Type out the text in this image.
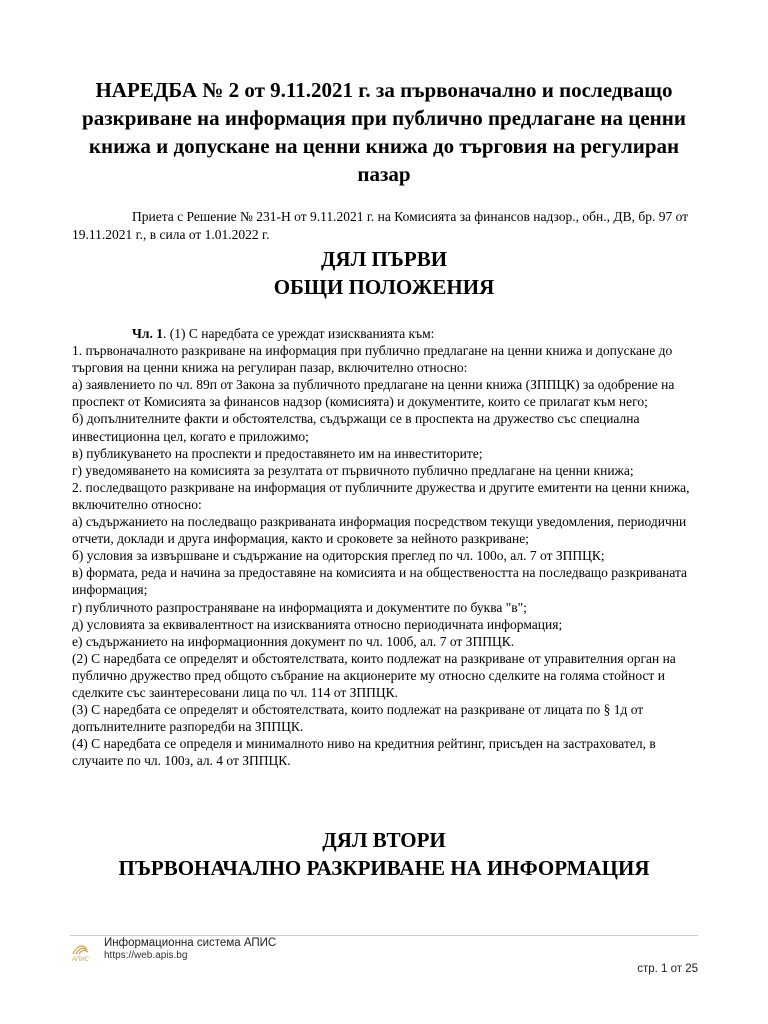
НАРЕДБА № 2 от 9.11.2021 г. за първоначално и последващо разкриване на информация при публично предлагане на ценни книжа и допускане на ценни книжа до търговия на регулиран пазар
Приета с Решение № 231-Н от 9.11.2021 г. на Комисията за финансов надзор., обн., ДВ, бр. 97 от 19.11.2021 г., в сила от 1.01.2022 г.
ДЯЛ ПЪРВИ
ОБЩИ ПОЛОЖЕНИЯ

Чл. 1. (1) С наредбата се уреждат изискванията към:

1. първоначалното разкриване на информация при публично предлагане на ценни книжа и допускане до търговия на ценни книжа на регулиран пазар, включително относно:

а) заявлението по чл. 89п от Закона за публичното предлагане на ценни книжа (ЗППЦК) за одобрение на проспект от Комисията за финансов надзор (комисията) и документите, които се прилагат към него;

б) допълнителните факти и обстоятелства, съдържащи се в проспекта на дружество със специална инвестиционна цел, когато е приложимо;

в) публикуването на проспекти и предоставянето им на инвеститорите;

г) уведомяването на комисията за резултата от първичното публично предлагане на ценни книжа;

2. последващото разкриване на информация от публичните дружества и другите емитенти на ценни книжа, включително относно:

а) съдържанието на последващо разкриваната информация посредством текущи уведомления, периодични отчети, доклади и друга информация, както и сроковете за нейното разкриване;

б) условия за извършване и съдържание на одиторския преглед по чл. 100о, ал. 7 от ЗППЦК;

в) формата, реда и начина за предоставяне на комисията и на обществеността на последващо разкриваната информация;

г) публичното разпространяване на информацията и документите по буква "в";

д) условията за еквивалентност на изискванията относно периодичната информация;

е) съдържанието на информационния документ по чл. 100б, ал. 7 от ЗППЦК.

(2) С наредбата се определят и обстоятелствата, които подлежат на разкриване от управителния орган на публично дружество пред общото събрание на акционерите му относно сделките на голяма стойност и сделките със заинтересовани лица по чл. 114 от ЗППЦК.

(3) С наредбата се определят и обстоятелствата, които подлежат на разкриване от лицата по § 1д от допълнителните разпоредби на ЗППЦК.

(4) С наредбата се определя и минималното ниво на кредитния рейтинг, присъден на застраховател, в случаите по чл. 100з, ал. 4 от ЗППЦК.

ДЯЛ ВТОРИ
ПЪРВОНАЧАЛНО РАЗКРИВАНЕ НА ИНФОРМАЦИЯ
АПИС
Информационна система АПИС
https://web.apis.bg
стр. 1 от 25
